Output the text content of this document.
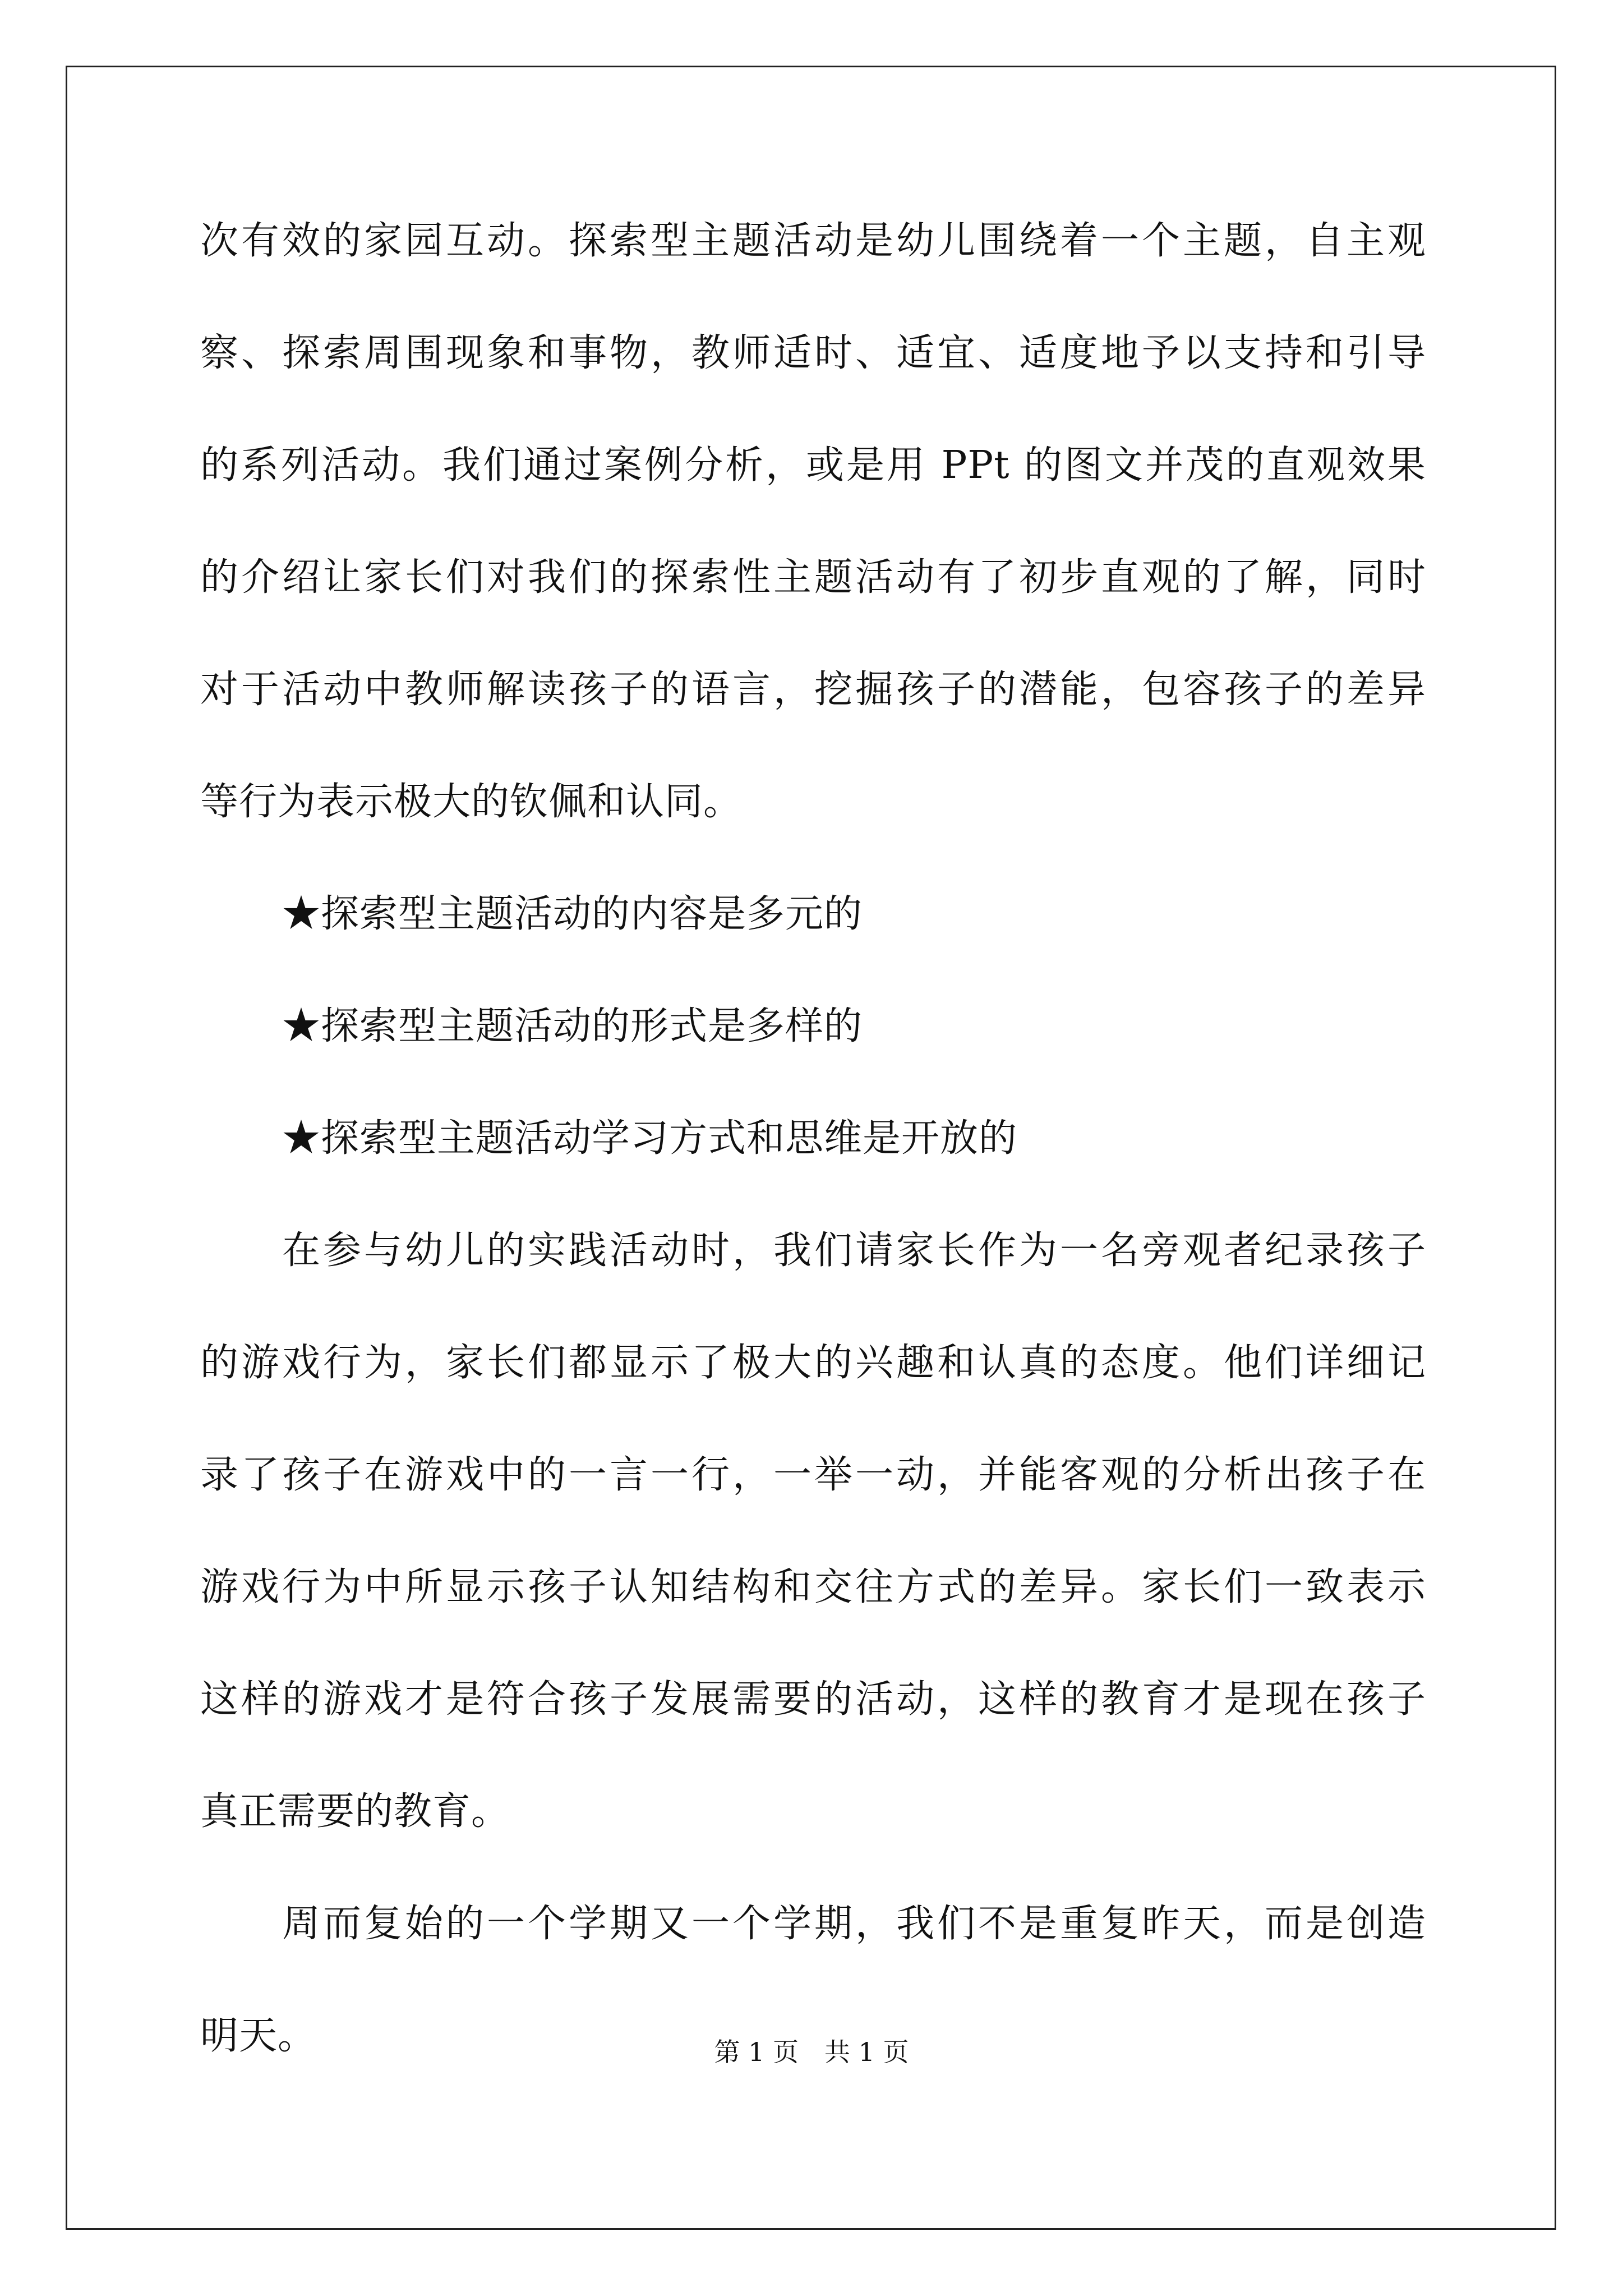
次有效的家园互动。探索型主题活动是幼儿围绕着一个主题，自主观
察、探索周围现象和事物，教师适时、适宜、适度地予以支持和引导
的系列活动。我们通过案例分析，或是用 PPt 的图文并茂的直观效果
的介绍让家长们对我们的探索性主题活动有了初步直观的了解，同时
对于活动中教师解读孩子的语言，挖掘孩子的潜能，包容孩子的差异
等行为表示极大的钦佩和认同。
★探索型主题活动的内容是多元的
★探索型主题活动的形式是多样的
★探索型主题活动学习方式和思维是开放的
在参与幼儿的实践活动时，我们请家长作为一名旁观者纪录孩子
的游戏行为，家长们都显示了极大的兴趣和认真的态度。他们详细记
录了孩子在游戏中的一言一行，一举一动，并能客观的分析出孩子在
游戏行为中所显示孩子认知结构和交往方式的差异。家长们一致表示
这样的游戏才是符合孩子发展需要的活动，这样的教育才是现在孩子
真正需要的教育。
周而复始的一个学期又一个学期，我们不是重复昨天，而是创造
明天。	第 1 页　共 1 页
